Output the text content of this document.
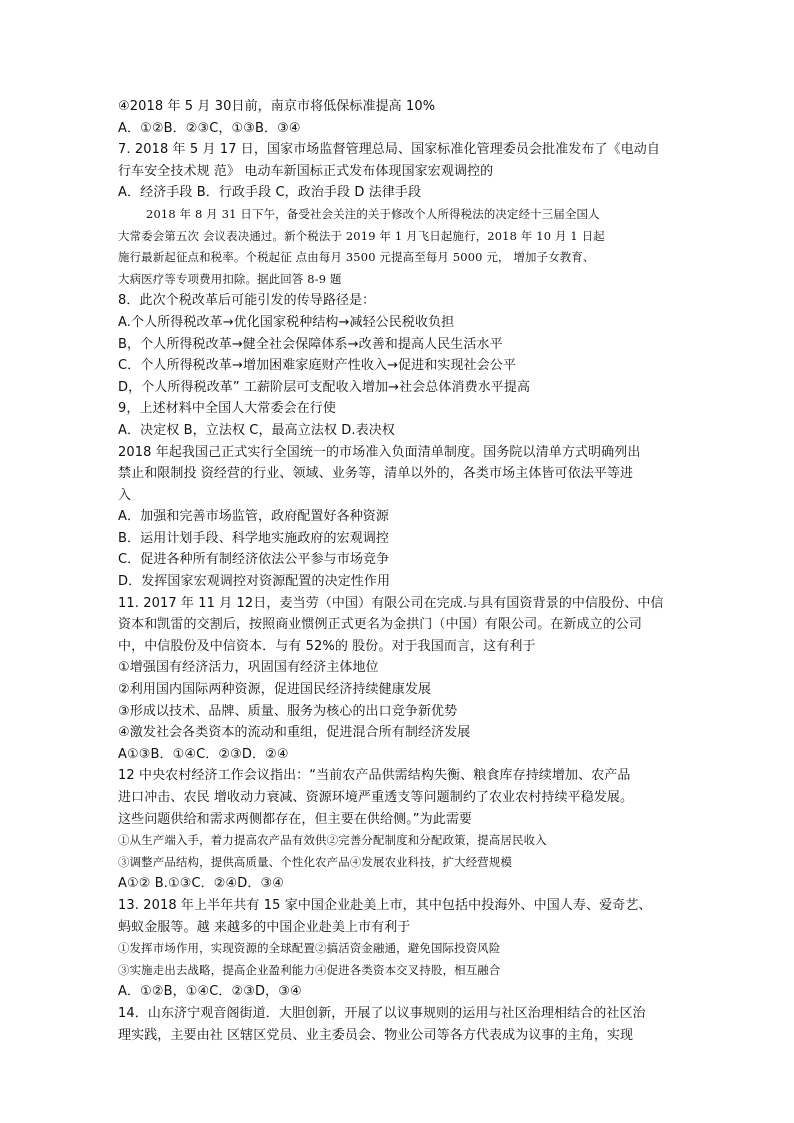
④2018 年 5 月 30日前，南京市将低保标准提高 10%
A．①②B．②③C，①③B．③④
7. 2018 年 5 月 17 日，国家市场监督管理总局、国家标准化管理委员会批准发布了《电动自
行车安全技术规 范》 电动车新国标正式发布体现国家宏观调控的
A．经济手段 B．行政手段 C，政治手段 D 法律手段
2018 年 8 月 31 日下午，备受社会关注的关于修改个人所得税法的决定经十三届全国人
大常委会第五次 会议表决通过。新个税法于 2019 年 1 月飞日起施行，2018 年 10 月 1 日起
施行最新起征点和税率。个税起征 点由每月 3500 元提高至每月 5000 元， 增加子女教育、
大病医疗等专项费用扣除。据此回答 8-9 题
8．此次个税改革后可能引发的传导路径是：
A.个人所得税改革→优化国家税种结构→减轻公民税收负担
B，个人所得税改革→健全社会保障体系→改善和提高人民生活水平
C．个人所得税改革→增加困难家庭财产性收入→促进和实现社会公平
D，个人所得税改革” 工薪阶层可支配收入增加→社会总体消费水平提高
9，上述材料中全国人大常委会在行使
A．决定权 B，立法权 C，最高立法权 D.表决权
2018 年起我国己正式实行全国统一的市场准入负面清单制度。国务院以清单方式明确列出
禁止和限制投 资经营的行业、领域、业务等，清单以外的，各类市场主体皆可依法平等进
入
A．加强和完善市场监管，政府配置好各种资源
B．运用计划手段、科学地实施政府的宏观调控
C．促进各种所有制经济依法公平参与市场竞争
D．发挥国家宏观调控对资源配置的决定性作用
11. 2017 年 11 月 12日，麦当劳（中国）有限公司在完成.与具有国资背景的中信股份、中信
资本和凯雷的交割后，按照商业惯例正式更名为金拱门（中国）有限公司。在新成立的公司
中，中信股份及中信资本．与有 52%的 股份。对于我国而言，这有利于
①增强国有经济活力，巩固国有经济主体地位
②利用国内国际两种资源，促进国民经济持续健康发展
③形成以技术、品牌、质量、服务为核心的出口竞争新优势
④激发社会各类资本的流动和重组，促进混合所有制经济发展
A①③B．①④C．②③D．②④
12 中央农村经济工作会议指出：“当前农产品供需结构失衡、粮食库存持续增加、农产品
进口冲击、农民 增收动力衰减、资源环境严重透支等问题制约了农业农村持续平稳发展。
这些问题供给和需求两侧都存在，但主要在供给侧。”为此需要
①从生产端入手，着力提高农产品有效供②完善分配制度和分配政策，提高居民收入
③调整产品结构，提供高质量、个性化农产品④发展农业科技，扩大经营规模
A①② B.①③C．②④D．③④
13. 2018 年上半年共有 15 家中国企业赴美上市，其中包括中投海外、中国人寿、爱奇艺、
蚂蚁金服等。越 来越多的中国企业赴美上市有利于
①发挥市场作用，实现资源的全球配置②搞活资金融通，避免国际投资风险
③实施走出去战略，提高企业盈利能力④促进各类资本交叉持股，相互融合
A．①②B，①④C．②③D，③④
14．山东济宁观音阁街道．大胆创新，开展了以议事规则的运用与社区治理相结合的社区治
理实践，主要由社 区辖区党员、业主委员会、物业公司等各方代表成为议事的主角，实现
